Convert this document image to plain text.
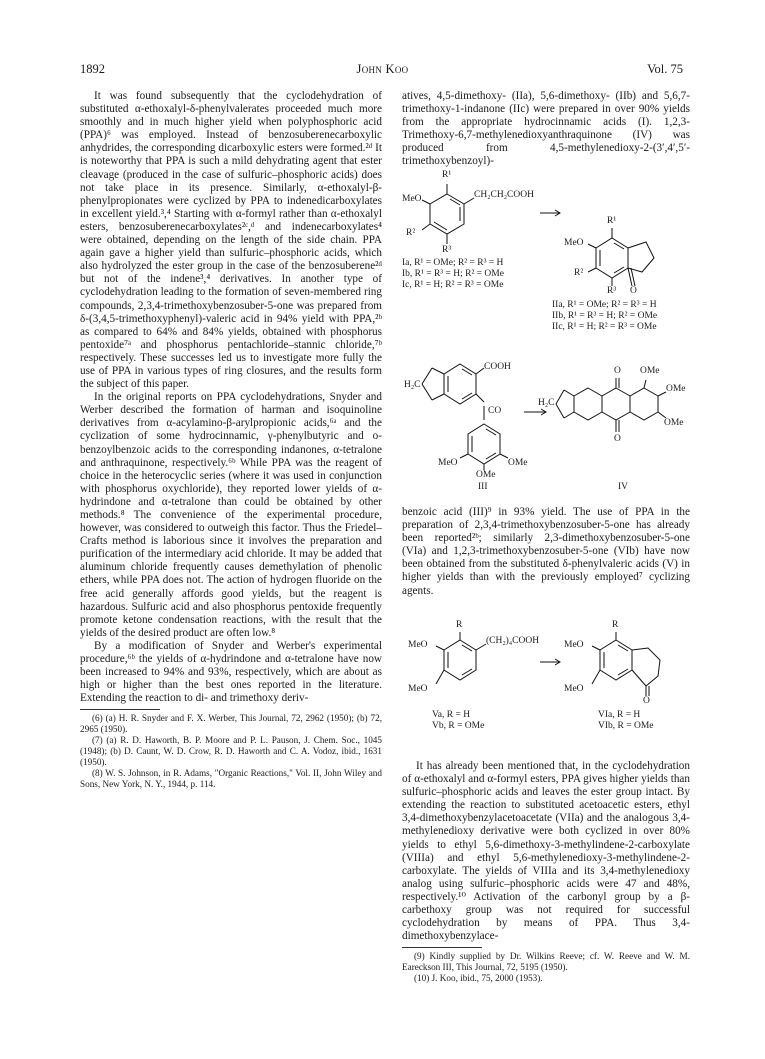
1892	John Koo	Vol. 75

It was found subsequently that the cyclodehydration of substituted α-ethoxalyl-δ-phenylvalerates proceeded much more smoothly and in much higher yield when polyphosphoric acid (PPA)⁶ was employed. Instead of benzosuberenecarboxylic anhydrides, the corresponding dicarboxylic esters were formed.²ᵈ It is noteworthy that PPA is such a mild dehydrating agent that ester cleavage (produced in the case of sulfuric–phosphoric acids) does not take place in its presence. Similarly, α-ethoxalyl-β-phenylpropionates were cyclized by PPA to indenedicarboxylates in excellent yield.³,⁴ Starting with α-formyl rather than α-ethoxalyl esters, benzosuberenecarboxylates²ᶜ,ᵈ and indenecarboxylates⁴ were obtained, depending on the length of the side chain. PPA again gave a higher yield than sulfuric–phosphoric acids, which also hydrolyzed the ester group in the case of the benzosuberene²ᵈ but not of the indene³,⁴ derivatives. In another type of cyclodehydration leading to the formation of seven-membered ring compounds, 2,3,4-trimethoxybenzosuber-5-one was prepared from δ-(3,4,5-trimethoxyphenyl)-valeric acid in 94% yield with PPA,²ᵇ as compared to 64% and 84% yields, obtained with phosphorus pentoxide⁷ᵃ and phosphorus pentachloride–stannic chloride,⁷ᵇ respectively. These successes led us to investigate more fully the use of PPA in various types of ring closures, and the results form the subject of this paper.

In the original reports on PPA cyclodehydrations, Snyder and Werber described the formation of harman and isoquinoline derivatives from α-acylamino-β-arylpropionic acids,⁶ᵃ and the cyclization of some hydrocinnamic, γ-phenylbutyric and o-benzoylbenzoic acids to the corresponding indanones, α-tetralone and anthraquinone, respectively.⁶ᵇ While PPA was the reagent of choice in the heterocyclic series (where it was used in conjunction with phosphorus oxychloride), they reported lower yields of α-hydrindone and α-tetralone than could be obtained by other methods.⁸ The convenience of the experimental procedure, however, was considered to outweigh this factor. Thus the Friedel–Crafts method is laborious since it involves the preparation and purification of the intermediary acid chloride. It may be added that aluminum chloride frequently causes demethylation of phenolic ethers, while PPA does not. The action of hydrogen fluoride on the free acid generally affords good yields, but the reagent is hazardous. Sulfuric acid and also phosphorus pentoxide frequently promote ketone condensation reactions, with the result that the yields of the desired product are often low.⁸

By a modification of Snyder and Werber's experimental procedure,⁶ᵇ the yields of α-hydrindone and α-tetralone have now been increased to 94% and 93%, respectively, which are about as high or higher than the best ones reported in the literature. Extending the reaction to di- and trimethoxy deriv-

(6) (a) H. R. Snyder and F. X. Werber, This Journal, 72, 2962 (1950); (b) 72, 2965 (1950).

(7) (a) R. D. Haworth, B. P. Moore and P. L. Pauson, J. Chem. Soc., 1045 (1948); (b) D. Caunt, W. D. Crow, R. D. Haworth and C. A. Vodoz, ibid., 1631 (1950).

(8) W. S. Johnson, in R. Adams, "Organic Reactions," Vol. II, John Wiley and Sons, New York, N. Y., 1944, p. 114.

atives, 4,5-dimethoxy- (IIa), 5,6-dimethoxy- (IIb) and 5,6,7-trimethoxy-1-indanone (IIc) were prepared in over 90% yields from the appropriate hydrocinnamic acids (I). 1,2,3-Trimethoxy-6,7-methylenedioxyanthraquinone (IV) was produced from 4,5-methylenedioxy-2-(3′,4′,5′-trimethoxybenzoyl)-

R¹
MeO	CH₂CH₂COOH
R²
R³
Ia, R¹ = OMe; R² = R³ = H
Ib, R¹ = R³ = H; R² = OMe
Ic, R¹ = H; R² = R³ = OMe
R¹
MeO
R²
R³ O
IIa, R¹ = OMe; R² = R³ = H
IIb, R¹ = R³ = H; R² = OMe
IIc, R¹ = H; R² = R³ = OMe
COOH
H₂C
CO
MeO	OMe
OMe
III
H₂C
O OMe
OMe
OMe
O
IV

benzoic acid (III)⁹ in 93% yield. The use of PPA in the preparation of 2,3,4-trimethoxybenzosuber-5-one has already been reported²ᵇ; similarly 2,3-dimethoxybenzosuber-5-one (VIa) and 1,2,3-trimethoxybenzosuber-5-one (VIb) have now been obtained from the substituted δ-phenylvaleric acids (V) in higher yields than with the previously employed⁷ cyclizing agents.

R
MeO	(CH₂)₄COOH
MeO
Va, R = H
Vb, R = OMe
R
MeO
MeO
O
VIa, R = H
VIb, R = OMe

It has already been mentioned that, in the cyclodehydration of α-ethoxalyl and α-formyl esters, PPA gives higher yields than sulfuric–phosphoric acids and leaves the ester group intact. By extending the reaction to substituted acetoacetic esters, ethyl 3,4-dimethoxybenzylacetoacetate (VIIa) and the analogous 3,4-methylenedioxy derivative were both cyclized in over 80% yields to ethyl 5,6-dimethoxy-3-methylindene-2-carboxylate (VIIIa) and ethyl 5,6-methylenedioxy-3-methylindene-2-carboxylate. The yields of VIIIa and its 3,4-methylenedioxy analog using sulfuric–phosphoric acids were 47 and 48%, respectively.¹⁰ Activation of the carbonyl group by a β-carbethoxy group was not required for successful cyclodehydration by means of PPA. Thus 3,4-dimethoxybenzylace-

(9) Kindly supplied by Dr. Wilkins Reeve; cf. W. Reeve and W. M. Eareckson III, This Journal, 72, 5195 (1950).

(10) J. Koo, ibid., 75, 2000 (1953).
